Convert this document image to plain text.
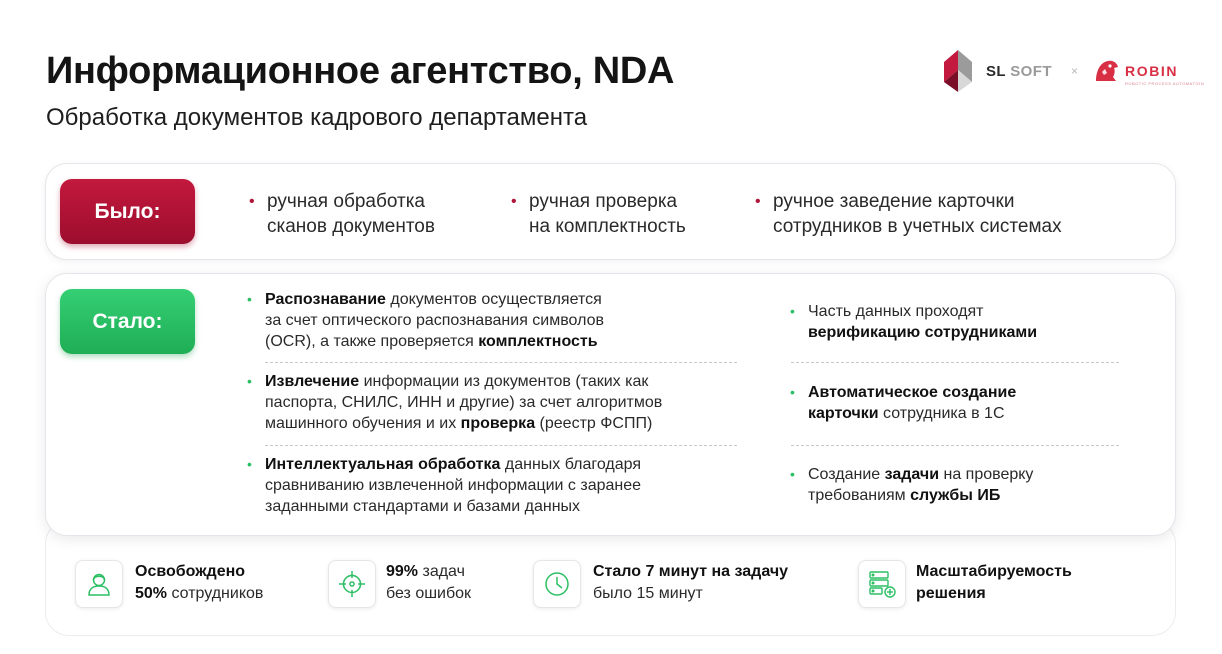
Информационное агентство, NDA
Обработка документов кадрового департамента
SL SOFT ×	ROBIN
ROBOTIC PROCESS AUTOMATION
Было:	• ручная обработка
сканов документов
• ручная проверка
на комплектность
• ручное заведение карточки
сотрудников в учетных системах
Стало:
• Распознавание документов осуществляется
за счет оптического распознавания символов
(OCR), а также проверяется комплектность
• Извлечение информации из документов (таких как
паспорта, СНИЛС, ИНН и другие) за счет алгоритмов
машинного обучения и их проверка (реестр ФСПП)
• Интеллектуальная обработка данных благодаря
сравниванию извлеченной информации с заранее
заданными стандартами и базами данных
• Часть данных проходят
верификацию сотрудниками
• Автоматическое создание
карточки сотрудника в 1С
• Создание задачи на проверку
требованиям службы ИБ
Освобождено
50% сотрудников
99% задач
без ошибок
Стало 7 минут на задачу
было 15 минут
Масштабируемость
решения
